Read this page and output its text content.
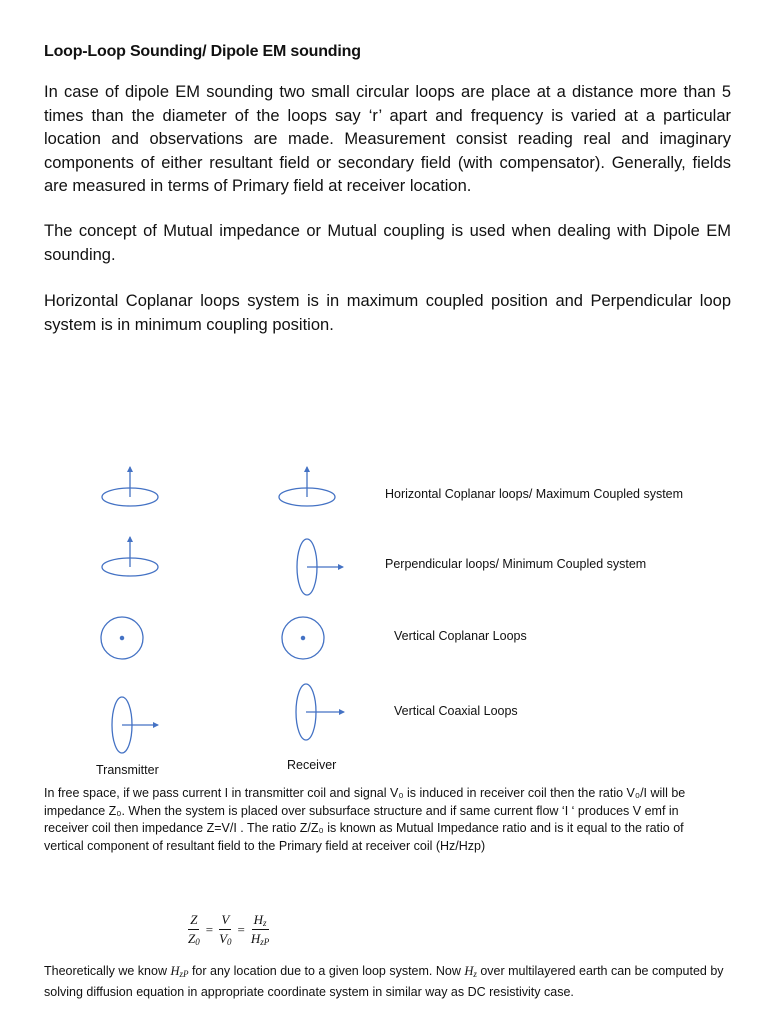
Loop-Loop Sounding/ Dipole EM sounding

In case of dipole EM sounding two small circular loops are place at a distance more than 5 times than the diameter of the loops say ‘r’ apart and frequency is varied at a particular location and observations are made. Measurement consist reading real and imaginary components of either resultant field or secondary field (with compensator). Generally, fields are measured in terms of Primary field at receiver location.

The concept of Mutual impedance or Mutual coupling is used when dealing with Dipole EM sounding.

Horizontal Coplanar loops system is in maximum coupled position and Perpendicular loop system is in minimum coupling position.

Horizontal Coplanar loops/ Maximum Coupled system
Perpendicular loops/ Minimum Coupled system
Vertical Coplanar Loops
Vertical Coaxial Loops
Transmitter	Receiver

In free space, if we pass current I in transmitter coil and signal V₀ is induced in receiver coil then the ratio V₀/I will be impedance Z₀. When the system is placed over subsurface structure and if same current flow ‘I ‘ produces V emf in receiver coil then impedance Z=V/I . The ratio Z/Z₀ is known as Mutual Impedance ratio and is it equal to the ratio of vertical component of resultant field to the Primary field at receiver coil (Hz/Hzp)

$\frac{Z}{Z_0} = \frac{V}{V_0} = \frac{H_z}{H_{zP}}$

Theoretically we know $H_{zP}$ for any location due to a given loop system. Now $H_z$ over multilayered earth can be computed by solving diffusion equation in appropriate coordinate system in similar way as DC resistivity case.
